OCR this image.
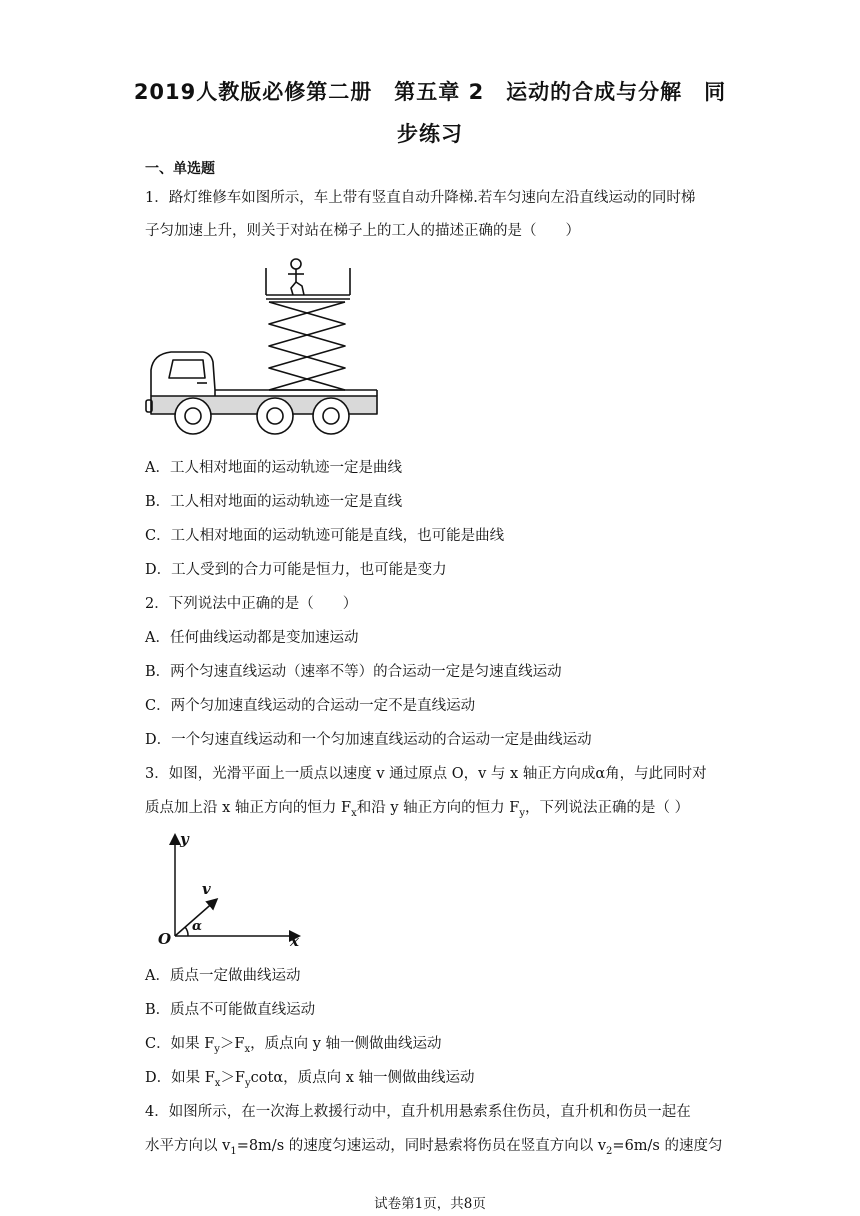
2019人教版必修第二册　第五章 2　运动的合成与分解　同
步练习
一、单选题
1．路灯维修车如图所示，车上带有竖直自动升降梯.若车匀速向左沿直线运动的同时梯
子匀加速上升，则关于对站在梯子上的工人的描述正确的是（　　）
A．工人相对地面的运动轨迹一定是曲线
B．工人相对地面的运动轨迹一定是直线
C．工人相对地面的运动轨迹可能是直线，也可能是曲线
D．工人受到的合力可能是恒力，也可能是变力
2．下列说法中正确的是（　　）
A．任何曲线运动都是变加速运动
B．两个匀速直线运动（速率不等）的合运动一定是匀速直线运动
C．两个匀加速直线运动的合运动一定不是直线运动
D．一个匀速直线运动和一个匀加速直线运动的合运动一定是曲线运动
3．如图，光滑平面上一质点以速度 v 通过原点 O，v 与 x 轴正方向成α角，与此同时对
质点加上沿 x 轴正方向的恒力 $F_x$和沿 y 轴正方向的恒力 $F_y$，下列说法正确的是（ ）
y
x
O
v
α
A．质点一定做曲线运动
B．质点不可能做直线运动
C．如果 $F_y>F_x$，质点向 y 轴一侧做曲线运动
D．如果 $F_x>F_y\cot\alpha$，质点向 x 轴一侧做曲线运动
4．如图所示，在一次海上救援行动中，直升机用悬索系住伤员，直升机和伤员一起在
水平方向以 $v_1=8m/s$ 的速度匀速运动，同时悬索将伤员在竖直方向以 $v_2=6m/s$ 的速度匀
试卷第1页，共8页
